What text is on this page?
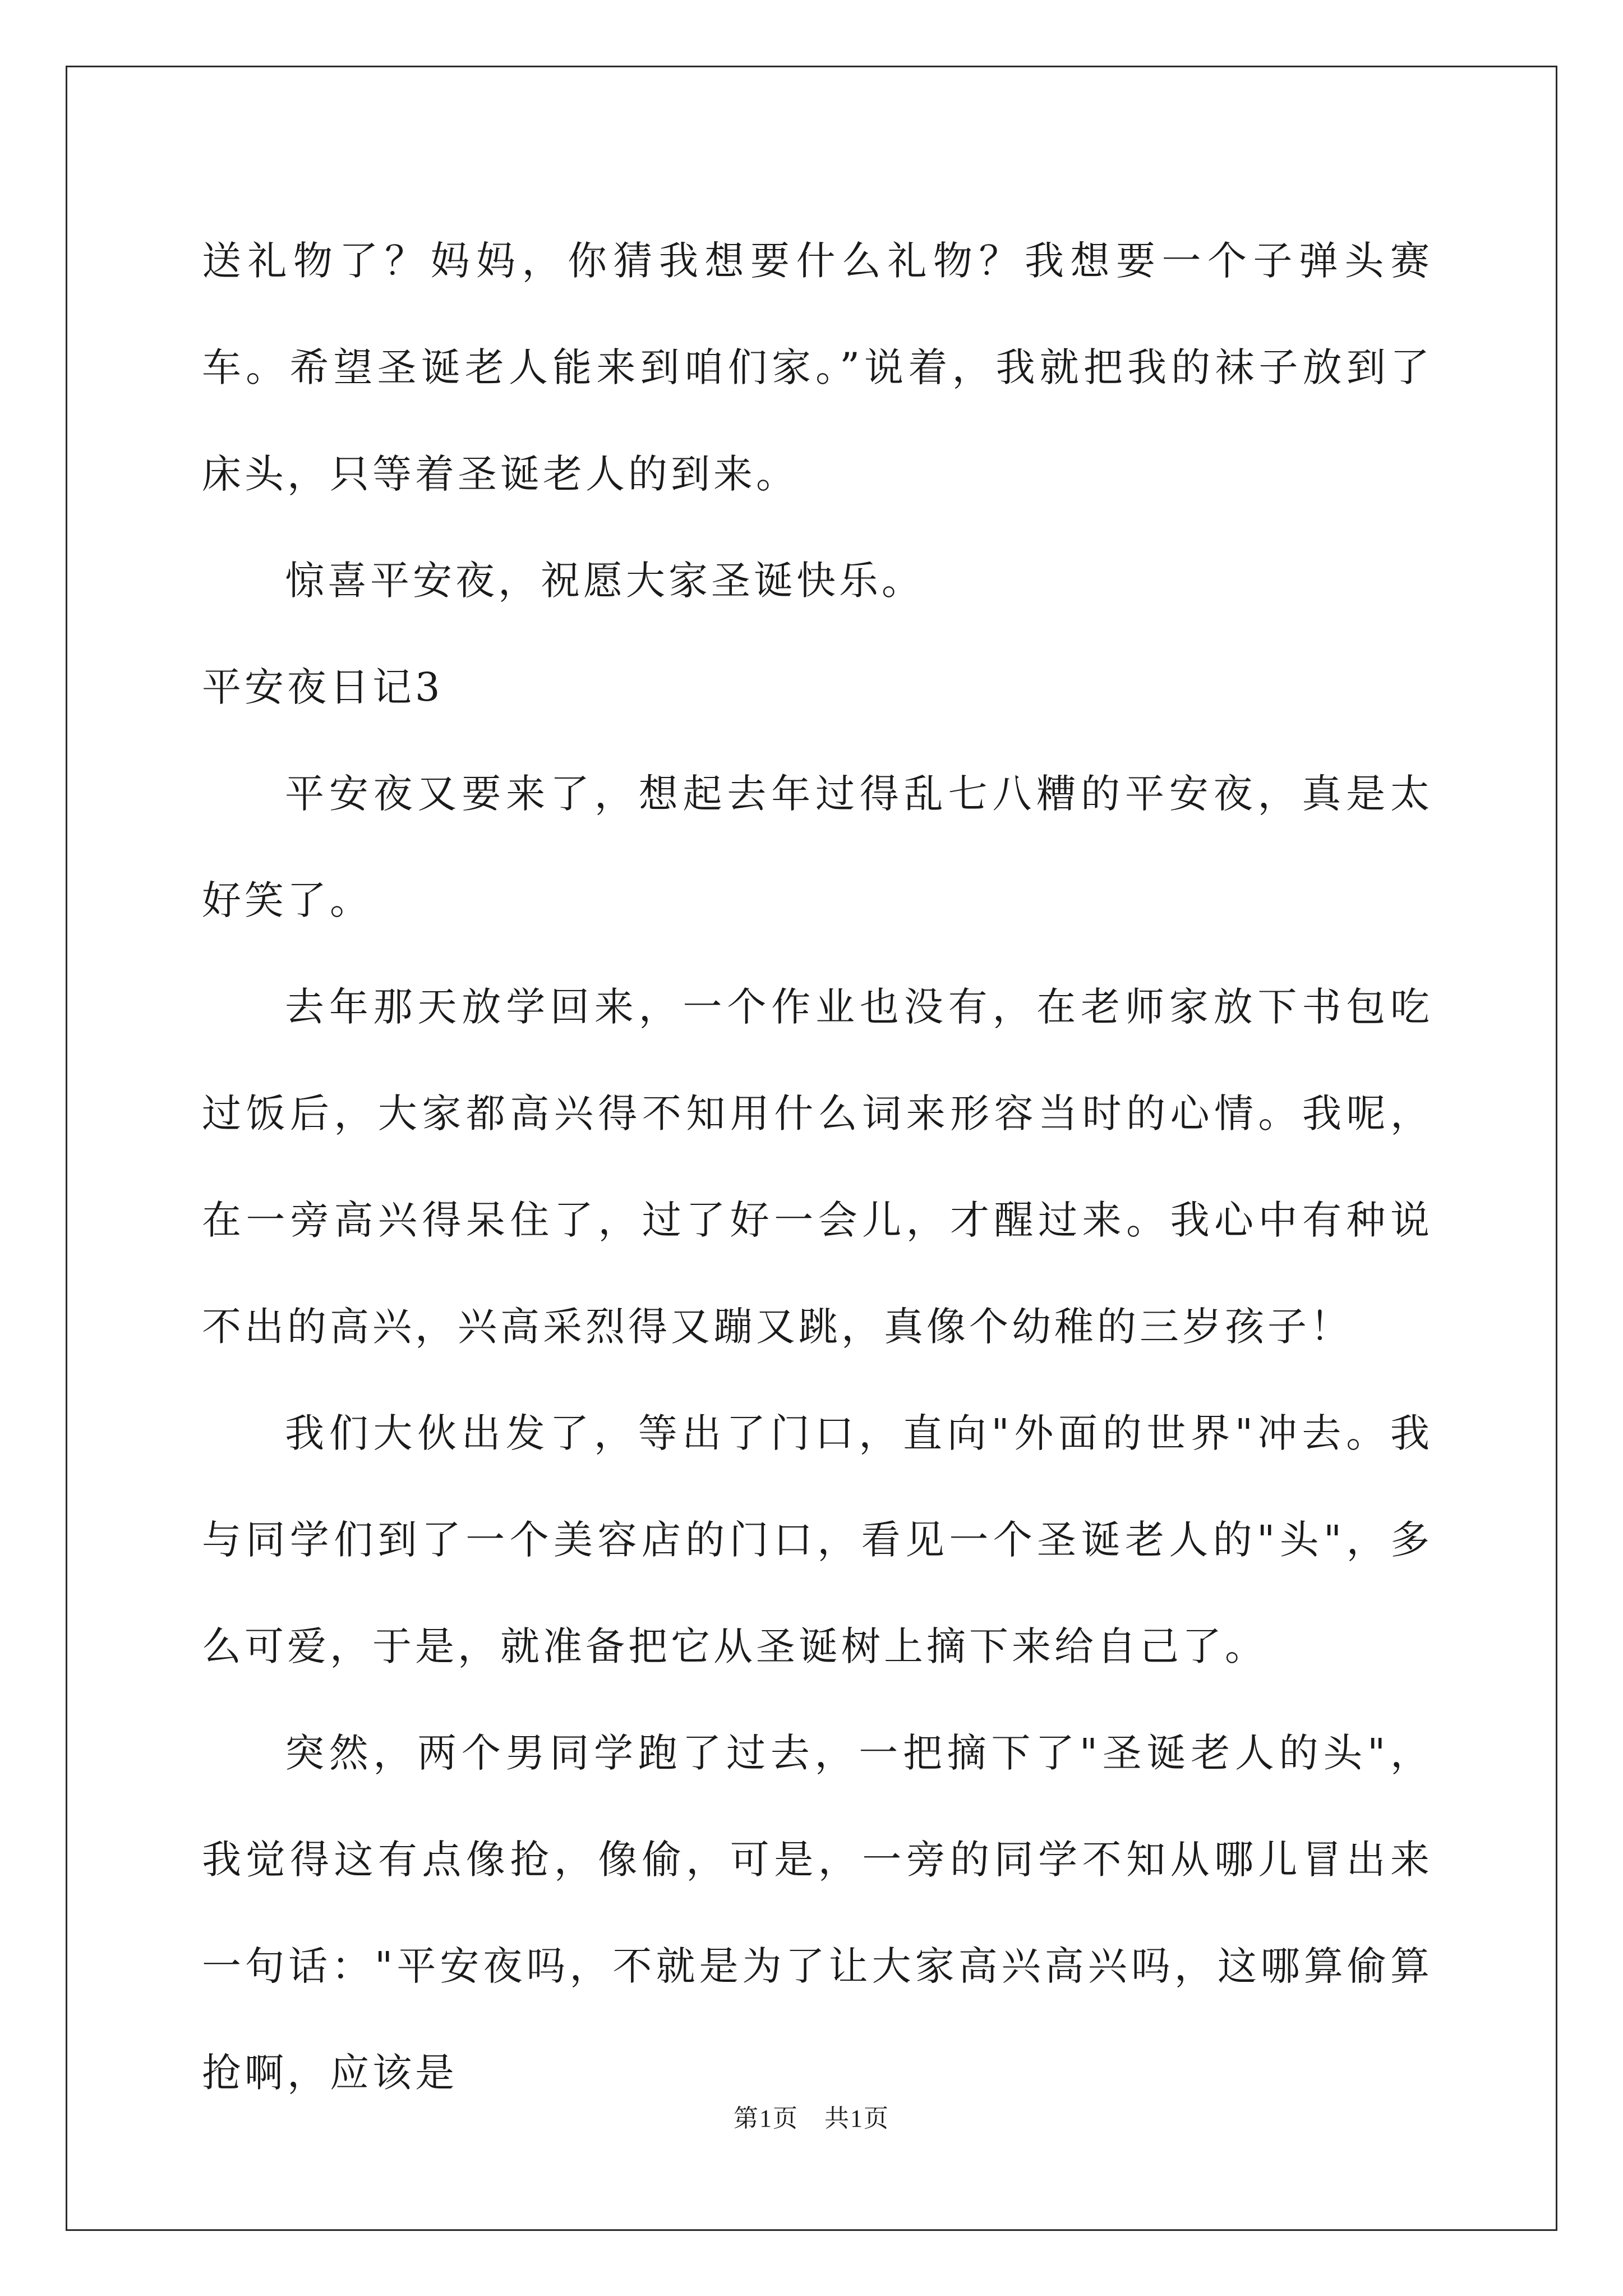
送礼物了？妈妈，你猜我想要什么礼物？我想要一个子弹头赛车。希望圣诞老人能来到咱们家。”说着，我就把我的袜子放到了床头，只等着圣诞老人的到来。

惊喜平安夜，祝愿大家圣诞快乐。

平安夜日记3

平安夜又要来了，想起去年过得乱七八糟的平安夜，真是太好笑了。

去年那天放学回来，一个作业也没有，在老师家放下书包吃过饭后，大家都高兴得不知用什么词来形容当时的心情。我呢，在一旁高兴得呆住了，过了好一会儿，才醒过来。我心中有种说不出的高兴，兴高采烈得又蹦又跳，真像个幼稚的三岁孩子！

我们大伙出发了，等出了门口，直向"外面的世界"冲去。我与同学们到了一个美容店的门口，看见一个圣诞老人的"头"，多么可爱，于是，就准备把它从圣诞树上摘下来给自己了。

突然，两个男同学跑了过去，一把摘下了"圣诞老人的头"，我觉得这有点像抢，像偷，可是，一旁的同学不知从哪儿冒出来一句话："平安夜吗，不就是为了让大家高兴高兴吗，这哪算偷算抢啊，应该是

第1页　共1页
